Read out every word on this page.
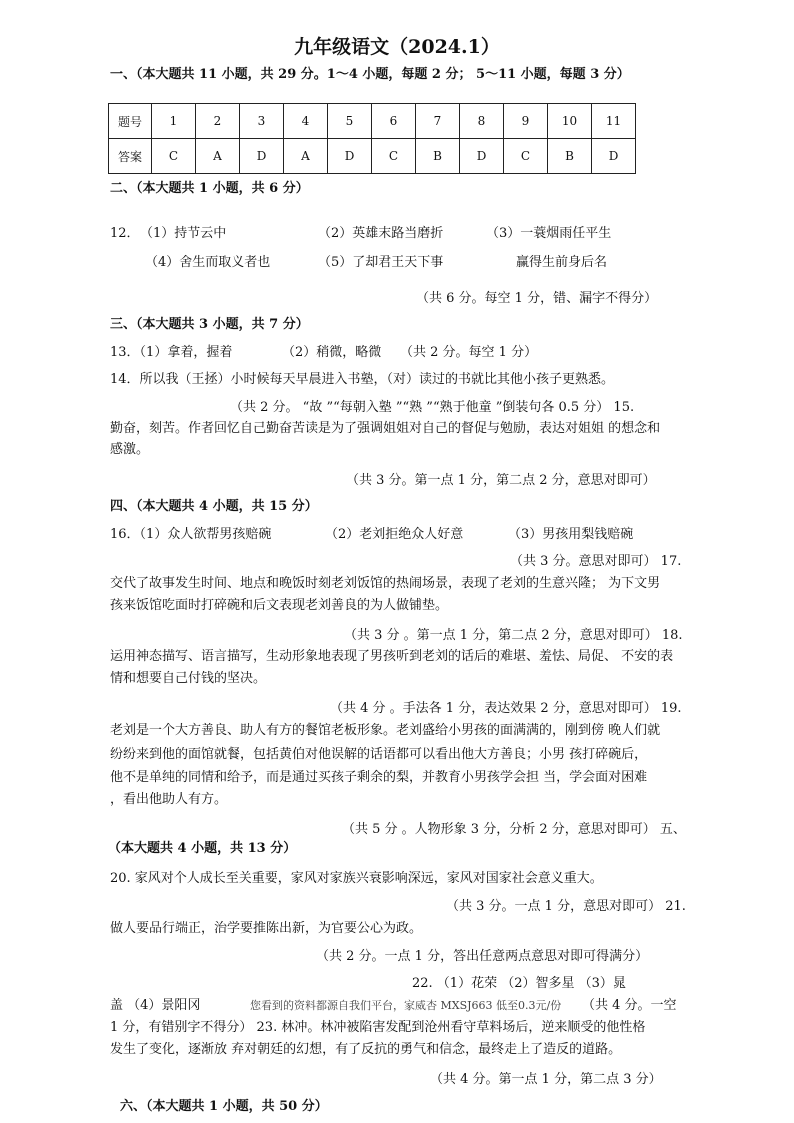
九年级语文（2024.1）
一、（本大题共 11 小题，共 29 分。1～4 小题，每题 2 分； 5～11 小题，每题 3 分）
题号	1	2	3	4	5	6	7	8	9	10	11
答案	C	A	D	A	D	C	B	D	C	B	D
二、（本大题共 1 小题，共 6 分）
12． （1）持节云中	（2）英雄末路当磨折	（3）一蓑烟雨任平生
（4）舍生而取义者也	（5）了却君王天下事	赢得生前身后名
（共 6 分。每空 1 分，错、漏字不得分）
三、（本大题共 3 小题，共 7 分）
13．（1）拿着，握着	（2）稍微，略微 （共 2 分。每空 1 分）
14．所以我（王拯）小时候每天早晨进入书塾，（对）读过的书就比其他小孩子更熟悉。
（共 2 分。 “故 ”“每朝入塾 ”“熟 ”“熟于他童 ”倒装句各 0.5 分） 15.
勤奋，刻苦。作者回忆自己勤奋苦读是为了强调姐姐对自己的督促与勉励，表达对姐姐 的想念和
感激。
（共 3 分。第一点 1 分，第二点 2 分，意思对即可）
四、（本大题共 4 小题，共 15 分）
16．（1）众人欲帮男孩赔碗	（2）老刘拒绝众人好意	（3）男孩用梨钱赔碗
（共 3 分。意思对即可） 17.
交代了故事发生时间、地点和晚饭时刻老刘饭馆的热闹场景，表现了老刘的生意兴隆； 为下文男
孩来饭馆吃面时打碎碗和后文表现老刘善良的为人做铺垫。
（共 3 分 。第一点 1 分，第二点 2 分，意思对即可） 18.
运用神态描写、语言描写，生动形象地表现了男孩听到老刘的话后的难堪、羞怯、局促、 不安的表
情和想要自己付钱的坚决。
（共 4 分 。手法各 1 分，表达效果 2 分，意思对即可） 19.
老刘是一个大方善良、助人有方的餐馆老板形象。老刘盛给小男孩的面满满的，刚到傍 晚人们就
纷纷来到他的面馆就餐，包括黄伯对他误解的话语都可以看出他大方善良；小男 孩打碎碗后，
他不是单纯的同情和给予，而是通过买孩子剩余的梨，并教育小男孩学会担 当，学会面对困难
，看出他助人有方。
（共 5 分 。人物形象 3 分，分析 2 分，意思对即可） 五、
（本大题共 4 小题，共 13 分）
20. 家风对个人成长至关重要，家风对家族兴衰影响深远，家风对国家社会意义重大。
（共 3 分。一点 1 分，意思对即可） 21.
做人要品行端正，治学要推陈出新，为官要公心为政。
（共 2 分。一点 1 分，答出任意两点意思对即可得满分）
22. （1）花荣 （2）智多星 （3）晁
盖 （4）景阳冈	您看到的资料都源自我们平台，家威杏 MXSJ663 低至0.3元/份 （共 4 分。一空
1 分，有错别字不得分） 23. 林冲。林冲被陷害发配到沧州看守草料场后，逆来顺受的他性格
发生了变化，逐渐放 弃对朝廷的幻想，有了反抗的勇气和信念，最终走上了造反的道路。
（共 4 分。第一点 1 分，第二点 3 分）
六、（本大题共 1 小题，共 50 分）
